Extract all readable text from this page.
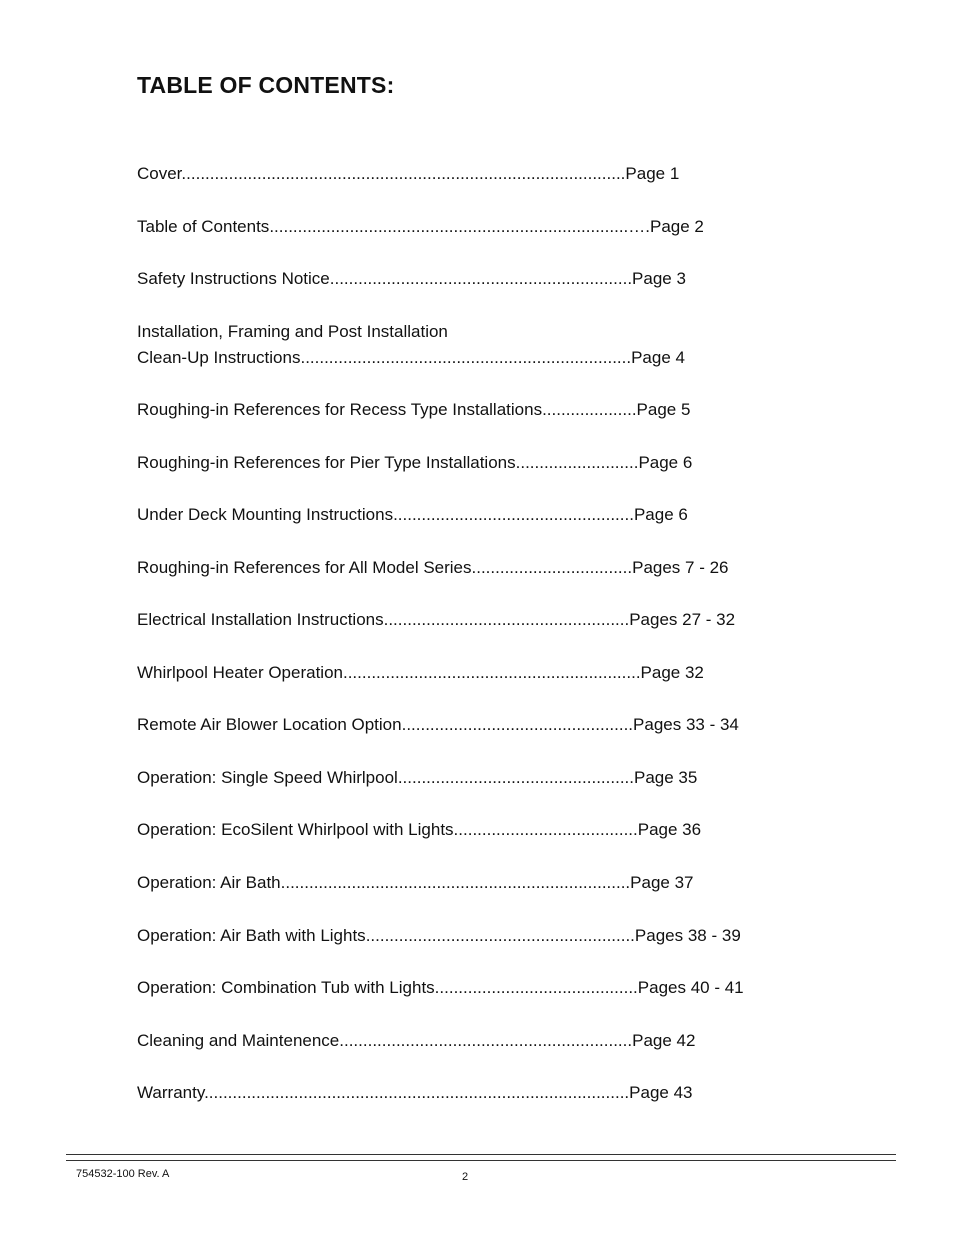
TABLE OF CONTENTS:
Cover..............................................................................................Page 1
Table of Contents............................................................................….Page 2
Safety Instructions Notice................................................................Page 3
Installation, Framing and Post Installation
Clean-Up Instructions......................................................................Page 4
Roughing-in References for Recess Type Installations....................Page 5
Roughing-in References for Pier Type Installations..........................Page 6
Under Deck Mounting Instructions...................................................Page 6
Roughing-in References for All Model Series..................................Pages 7 - 26
Electrical Installation Instructions....................................................Pages 27 - 32
Whirlpool Heater Operation...............................................................Page 32
Remote Air Blower Location Option.................................................Pages 33 - 34
Operation: Single Speed Whirlpool..................................................Page 35
Operation: EcoSilent Whirlpool with Lights.......................................Page 36
Operation: Air Bath..........................................................................Page 37
Operation: Air Bath with Lights.........................................................Pages 38 - 39
Operation: Combination Tub with Lights...........................................Pages 40 - 41
Cleaning and Maintenence..............................................................Page 42
Warranty..........................................................................................Page 43
754532-100 Rev. A	2
